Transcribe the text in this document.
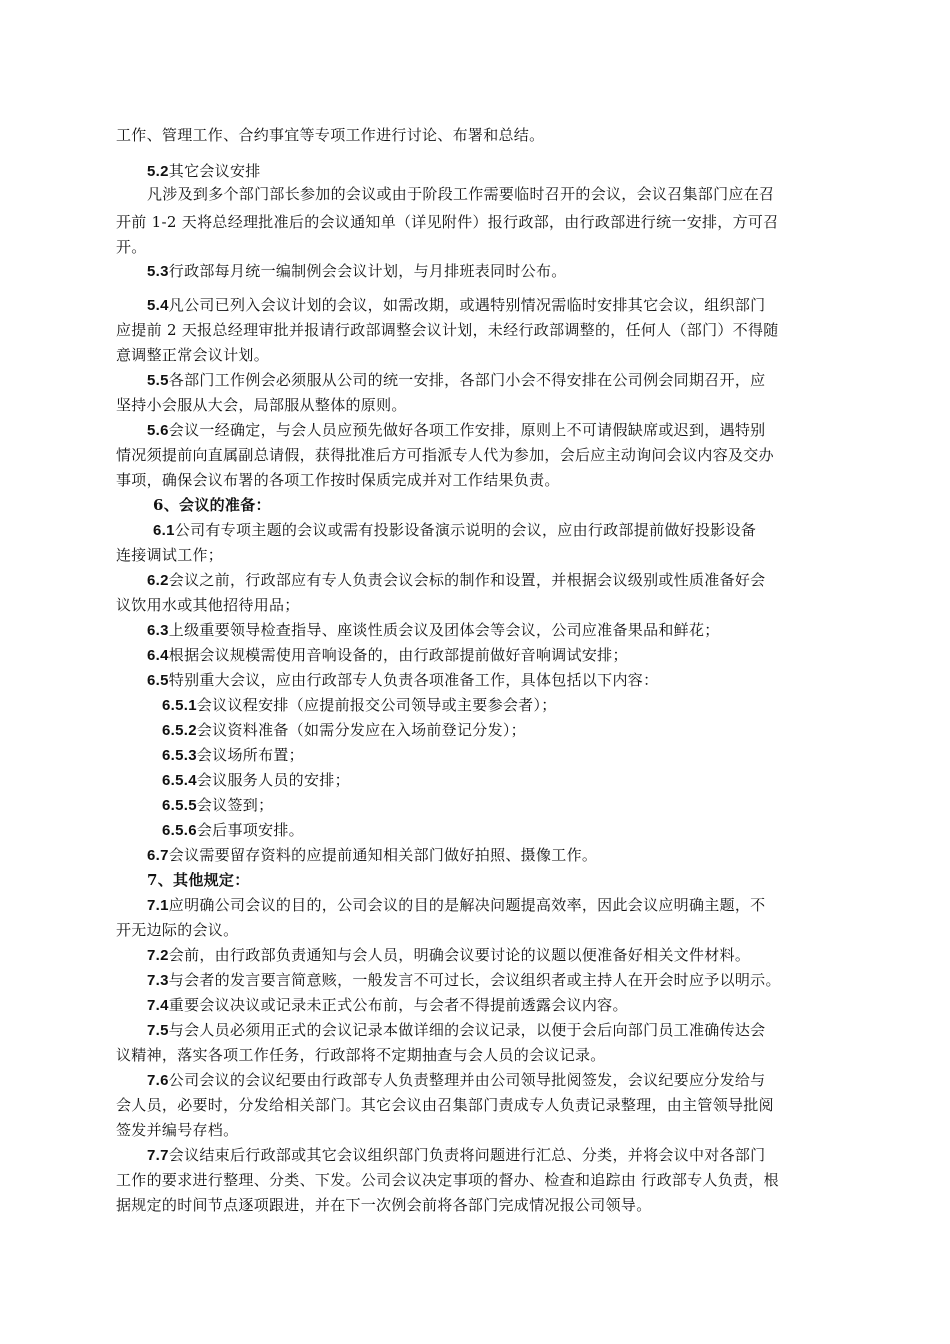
工作、管理工作、合约事宜等专项工作进行讨论、布署和总结。
5.2其它会议安排
凡涉及到多个部门部长参加的会议或由于阶段工作需要临时召开的会议，会议召集部门应在召
开前 1-2 天将总经理批准后的会议通知单（详见附件）报行政部，由行政部进行统一安排，方可召
开。
5.3行政部每月统一编制例会会议计划，与月排班表同时公布。
5.4凡公司已列入会议计划的会议，如需改期，或遇特别情况需临时安排其它会议，组织部门
应提前 2 天报总经理审批并报请行政部调整会议计划，未经行政部调整的，任何人（部门）不得随
意调整正常会议计划。
5.5各部门工作例会必须服从公司的统一安排，各部门小会不得安排在公司例会同期召开，应
坚持小会服从大会，局部服从整体的原则。
5.6会议一经确定，与会人员应预先做好各项工作安排，原则上不可请假缺席或迟到，遇特别
情况须提前向直属副总请假，获得批准后方可指派专人代为参加，会后应主动询问会议内容及交办
事项，确保会议布署的各项工作按时保质完成并对工作结果负责。
6、会议的准备：
6.1公司有专项主题的会议或需有投影设备演示说明的会议，应由行政部提前做好投影设备
连接调试工作；
6.2会议之前，行政部应有专人负责会议会标的制作和设置，并根据会议级别或性质准备好会
议饮用水或其他招待用品；
6.3上级重要领导检查指导、座谈性质会议及团体会等会议，公司应准备果品和鲜花；
6.4根据会议规模需使用音响设备的，由行政部提前做好音响调试安排；
6.5特别重大会议，应由行政部专人负责各项准备工作，具体包括以下内容：
6.5.1会议议程安排（应提前报交公司领导或主要参会者）；
6.5.2会议资料准备（如需分发应在入场前登记分发）；
6.5.3会议场所布置；
6.5.4会议服务人员的安排；
6.5.5会议签到；
6.5.6会后事项安排。
6.7会议需要留存资料的应提前通知相关部门做好拍照、摄像工作。
7、其他规定：
7.1应明确公司会议的目的，公司会议的目的是解决问题提高效率，因此会议应明确主题，不
开无边际的会议。
7.2会前，由行政部负责通知与会人员，明确会议要讨论的议题以便准备好相关文件材料。
7.3与会者的发言要言简意赅，一般发言不可过长，会议组织者或主持人在开会时应予以明示。
7.4重要会议决议或记录未正式公布前，与会者不得提前透露会议内容。
7.5与会人员必须用正式的会议记录本做详细的会议记录，以便于会后向部门员工准确传达会
议精神，落实各项工作任务，行政部将不定期抽查与会人员的会议记录。
7.6公司会议的会议纪要由行政部专人负责整理并由公司领导批阅签发，会议纪要应分发给与
会人员，必要时，分发给相关部门。其它会议由召集部门责成专人负责记录整理，由主管领导批阅
签发并编号存档。
7.7会议结束后行政部或其它会议组织部门负责将问题进行汇总、分类，并将会议中对各部门
工作的要求进行整理、分类、下发。公司会议决定事项的督办、检查和追踪由 行政部专人负责，根
据规定的时间节点逐项跟进，并在下一次例会前将各部门完成情况报公司领导。
